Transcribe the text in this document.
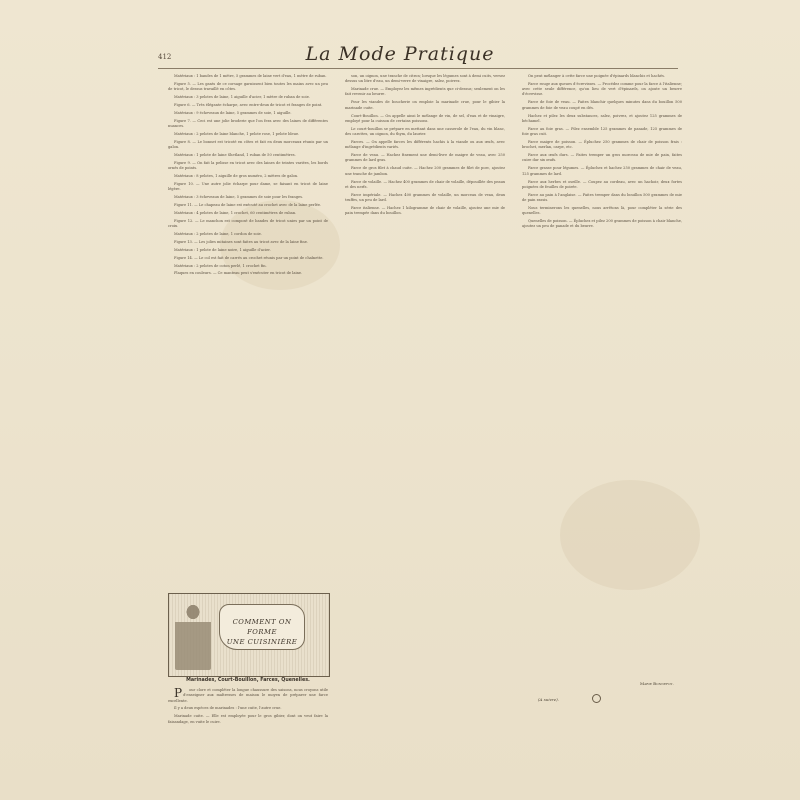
412	La Mode Pratique

Matériaux : 1 bandes de 1 mètre, 5 grammes de laine vert d'eau, 1 mètre de ruban.

Figure 5. — Les gants de ce corsage garnissent bien toutes les mains avec un peu de tricot, le dessus travaillé en côtes.

Matériaux : 3 pelotes de laine, 1 aiguille d'acier, 1 mètre de ruban de soie.

Figure 6. — Très élégante écharpe, avec entre-deux de tricot et franges de point.

Matériaux : 9 écheveaux de laine, 5 grammes de soie, 1 aiguille.

Figure 7. — Ceci est une jolie broderie que l'on fera avec des laines de différentes nuances.

Matériaux : 2 pelotes de laine blanche, 1 pelote rose, 1 pelote bleue.

Figure 8. — Le bonnet est tricoté en côtes et fait en deux morceaux réunis par un galon.

Matériaux : 1 pelote de laine Shetland, 1 ruban de 50 centimètres.

Figure 9. — On fait la pelisse en tricot avec des laines de teintes variées, les bords ornés de points.

Matériaux : 8 pelotes, 1 aiguille de gros numéro, 2 mètres de galon.

Figure 10. — Une autre jolie écharpe pour dame, se faisant en tricot de laine légère.

Matériaux : 3 écheveaux de laine, 5 grammes de soie pour les franges.

Figure 11. — Le chapeau de laine est exécuté au crochet avec de la laine perlée.

Matériaux : 4 pelotes de laine, 1 crochet, 60 centimètres de ruban.

Figure 12. — Le manchon est composé de bandes de tricot unies par un point de croix.

Matériaux : 2 pelotes de laine, 1 cordon de soie.

Figure 13. — Les jolies mitaines sont faites au tricot avec de la laine fine.

Matériaux : 1 pelote de laine noire, 1 aiguille d'acier.

Figure 14. — Le col est fait de carrés au crochet réunis par un point de chaînette.

Matériaux : 2 pelotes de coton perlé, 1 crochet fin.

Plaques en couleurs. — Ce manteau peut s'exécuter en tricot de laine.

COMMENT ON FORME
UNE CUISINIÈRE
Marinades, Court-Bouillon, Farces, Quenelles.

Pour clore et compléter la longue chaussure des saisons, nous croyons utile d'enseigner aux maîtresses de maison le moyen de préparer une farce excellente.

Il y a deux espèces de marinades : l'une cuite, l'autre crue.

Marinade cuite. — Elle est employée pour le gros gibier, dont on veut faire la faisandage, en vuite le cuire.

son, un oignon, une tranche de citron; lorsque les légumes sont à demi cuits, versez dessus un litre d'eau, un demi-verre de vinaigre, salez, poivrez.

Marinade crue. — Employez les mêmes ingrédients que ci-dessus; seulement on les fait revenir au beurre.

Pour les viandes de boucherie on emploie la marinade crue, pour le gibier la marinade cuite.

Court-Bouillon. — On appelle ainsi le mélange de vin, de sel, d'eau et de vinaigre, employé pour la cuisson de certains poissons.

Le court-bouillon se prépare en mettant dans une casserole de l'eau, du vin blanc, des carottes, un oignon, du thym, du laurier.

Farces. — On appelle farces les différents hachis à la viande ou aux œufs, avec mélange d'ingrédients variés.

Farce de veau. — Hachez finement une demi-livre de maigre de veau, avec 250 grammes de lard gras.

Farce de gros filet à chaud cuite. — Hachez 200 grammes de filet de porc, ajoutez une tranche de jambon.

Farce de volaille. — Hachez 400 grammes de chair de volaille, dépouillée des peaux et des nerfs.

Farce impériale. — Hachez 400 grammes de volaille, un morceau de veau, deux truffes, un peu de lard.

Farce italienne. — Hachez 1 kilogramme de chair de volaille, ajoutez une mie de pain trempée dans du bouillon.

On peut mélanger à cette farce une poignée d'épinards blanchis et hachés.

Farce rouge aux queues d'écrevisses. — Procédez comme pour la farce à l'italienne; avec cette seule différence, qu'on lieu de vert d'épinards, on ajoute un beurre d'écrevisse.

Farce de foie de veau. — Faites blanchir quelques minutes dans du bouillon 500 grammes de foie de veau coupé en dés.

Hachez et pilez les deux substances, salez, poivrez, et ajoutez 125 grammes de béchamel.

Farce au foie gras. — Pilez ensemble 125 grammes de panade, 125 grammes de foie gras cuit.

Farce maigre de poisson. — Épluchez 250 grammes de chair de poisson frais : brochet, merlan, carpe, etc.

Farce aux œufs durs. — Faites tremper un gros morceau de mie de pain, faites cuire dur six œufs.

Farce grasse pour légumes. — Épluchez et hachez 250 grammes de chair de veau, 125 grammes de lard.

Farce aux herbes et oseille. — Coupez au cordeau, avec un hachoir, deux fortes poignées de feuilles de poirée.

Farce au pain à l'anglaise. — Faites tremper dans du bouillon 500 grammes de mie de pain rassis.

Nous terminerons les quenelles, nous arrêtons là, pour compléter la série des quenelles.

Quenelles de poisson. — Épluchez et pilez 200 grammes de poisson à chair blanche, ajoutez un peu de panade et du beurre.

Marie Bonnefoy.
(A suivre).
